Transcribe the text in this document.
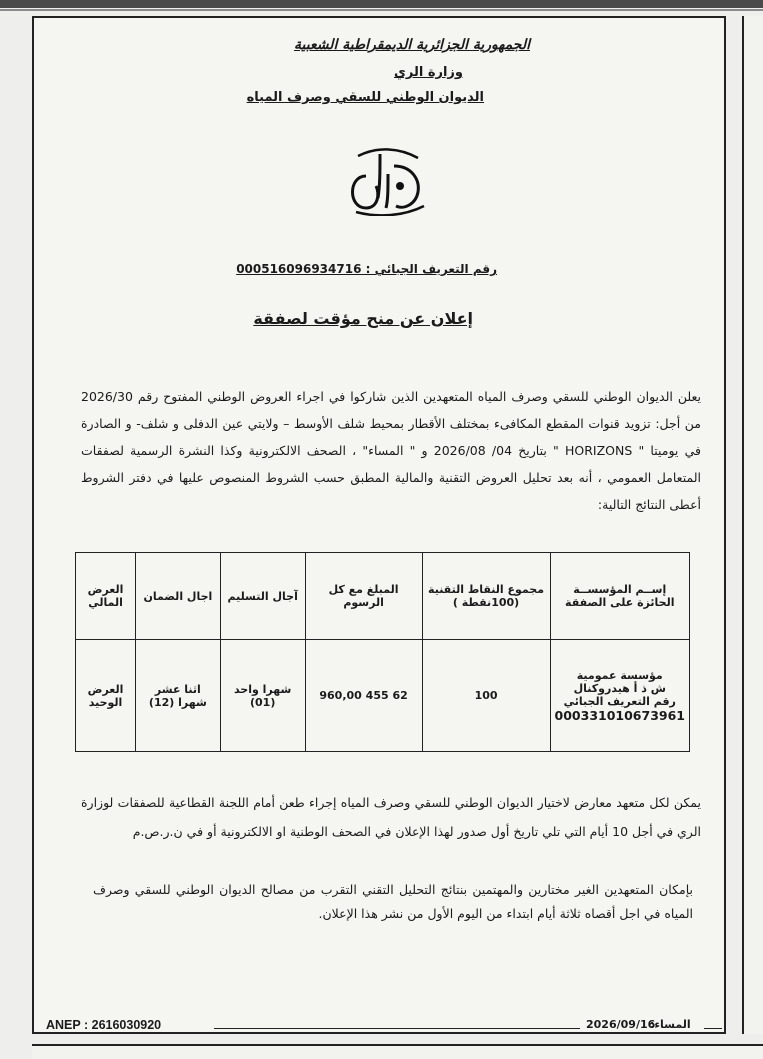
الجمهورية الجزائرية الديمقراطية الشعبية
وزارة الري
الديوان الوطني للسقي وصرف المياه
رقم التعريف الجبائي : 000516096934716
إعلان عن منح مؤقت لصفقة
يعلن الديوان الوطني للسقي وصرف المياه المتعهدين الذين شاركوا في اجراء العروض الوطني المفتوح رقم 2026/30 من أجل: تزويد قنوات المقطع المكافىء بمختلف الأقطار بمحيط شلف الأوسط – ولايتي عين الدفلى و شلف- و الصادرة في يوميتا " HORIZONS " بتاريخ 04/ 2026/08 و " المساء" ، الصحف الالكترونية وكذا النشرة الرسمية لصفقات المتعامل العمومي ، أنه بعد تحليل العروض التقنية والمالية المطبق حسب الشروط المنصوص عليها في دفتر الشروط أعطى النتائج التالية:
إســم المؤسســة الحائزة على الصفقة	مجموع النقاط التقنية (100نقطة )	المبلغ مع كل الرسوم	آجال التسليم	اجال الضمان	العرض المالي

مؤسسة عمومية
ش ذ أ هيدروكنال
رقم التعريف الجبائي
000331010673961	100	62 455 960,00	شهرا واحد (01)	اثنا عشر شهرا (12)	العرض الوحيد
يمكن لكل متعهد معارض لاختيار الديوان الوطني للسقي وصرف المياه إجراء طعن أمام اللجنة القطاعية للصفقات لوزارة الري في أجل 10 أيام التي تلي تاريخ أول صدور لهذا الإعلان في الصحف الوطنية او الالكترونية أو في ن.ر.ص.م
بإمكان المتعهدين الغير مختارين والمهتمين بنتائج التحليل التقني التقرب من مصالح الديوان الوطني للسقي وصرف المياه في اجل أقصاه ثلاثة أيام ابتداء من اليوم الأول من نشر هذا الإعلان.
ANEP : 2616030920	2026/09/16
المساء:
